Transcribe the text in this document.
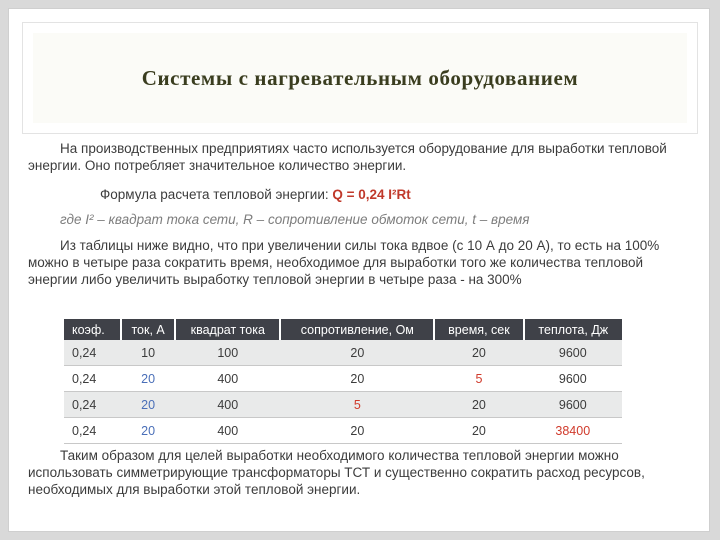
Системы с нагревательным оборудованием
На производственных предприятиях часто используется оборудование для выработки тепловой энергии. Оно потребляет значительное количество энергии.
Формула расчета тепловой энергии: Q = 0,24 I²Rt
где I² – квадрат тока сети, R – сопротивление обмоток сети, t – время
Из таблицы ниже видно, что при увеличении силы тока вдвое (с 10 А до 20 А), то есть на 100% можно в четыре раза сократить время, необходимое для выработки того же количества тепловой энергии либо увеличить выработку тепловой энергии в четыре раза - на 300%
коэф.	ток, А	квадрат тока	сопротивление, Ом	время, сек	теплота, Дж
0,24	10	100	20	20	9600
0,24	20	400	20	5	9600
0,24	20	400	5	20	9600
0,24	20	400	20	20	38400
Таким образом для целей выработки необходимого количества тепловой энергии можно использовать симметрирующие трансформаторы ТСТ и существенно сократить расход ресурсов, необходимых для выработки этой тепловой энергии.
